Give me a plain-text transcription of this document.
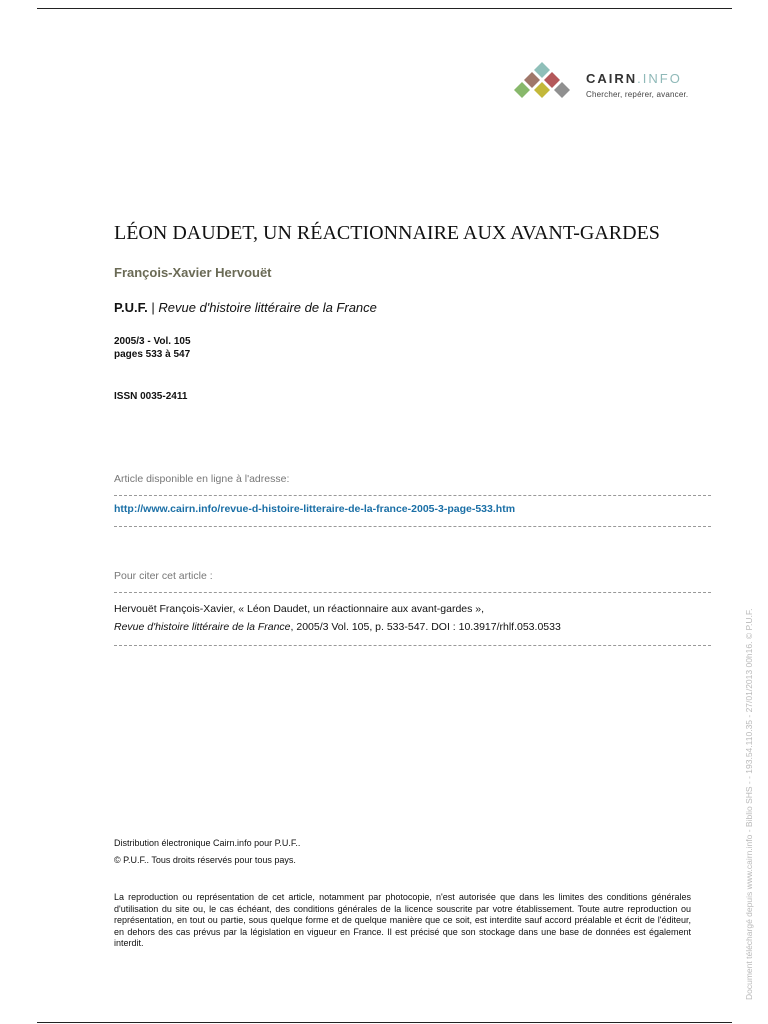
CAIRN.INFO
Chercher, repérer, avancer.
LÉON DAUDET, UN RÉACTIONNAIRE AUX AVANT-GARDES
François-Xavier Hervouët
P.U.F. | Revue d'histoire littéraire de la France
2005/3 - Vol. 105
pages 533 à 547
ISSN 0035-2411
Article disponible en ligne à l'adresse:
http://www.cairn.info/revue-d-histoire-litteraire-de-la-france-2005-3-page-533.htm
Pour citer cet article :
Hervouët François-Xavier, « Léon Daudet, un réactionnaire aux avant-gardes »,
Revue d'histoire littéraire de la France, 2005/3 Vol. 105, p. 533-547. DOI : 10.3917/rhlf.053.0533
Distribution électronique Cairn.info pour P.U.F..
© P.U.F.. Tous droits réservés pour tous pays.
La reproduction ou représentation de cet article, notamment par photocopie, n'est autorisée que dans les limites des conditions générales d'utilisation du site ou, le cas échéant, des conditions générales de la licence souscrite par votre établissement. Toute autre reproduction ou représentation, en tout ou partie, sous quelque forme et de quelque manière que ce soit, est interdite sauf accord préalable et écrit de l'éditeur, en dehors des cas prévus par la législation en vigueur en France. Il est précisé que son stockage dans une base de données est également interdit.	Document téléchargé depuis www.cairn.info - Biblio SHS - - 193.54.110.35 - 27/01/2013 00h16. © P.U.F.
